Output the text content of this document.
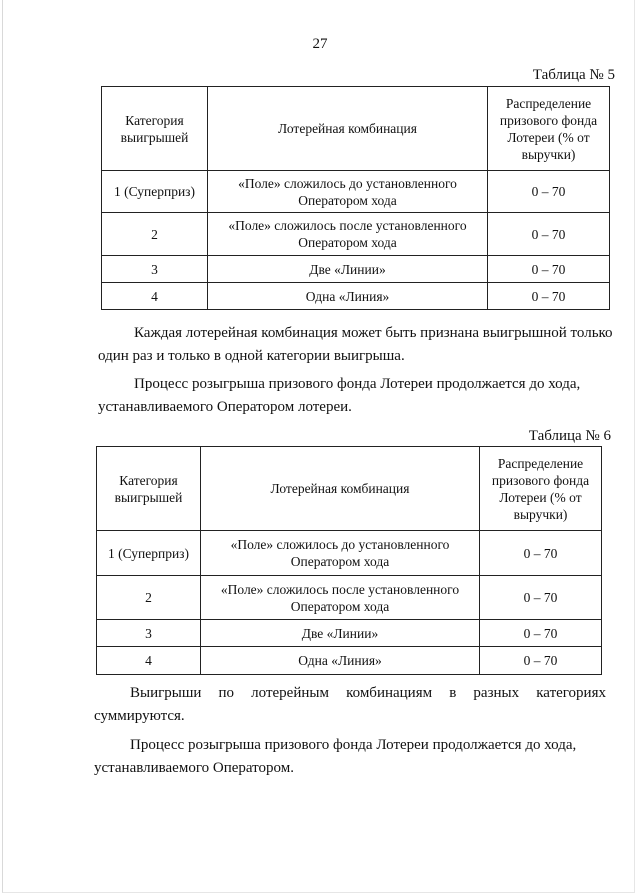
27
Таблица № 5
Категория выигрышей	Лотерейная комбинация	Распределение призового фонда Лотереи (% от выручки)
1 (Суперприз)	«Поле» сложилось до установленного Оператором хода	0 – 70
2	«Поле» сложилось после установленного Оператором хода	0 – 70
3	Две «Линии»	0 – 70
4	Одна «Линия»	0 – 70
Каждая лотерейная комбинация может быть признана выигрышной только
один раз и только в одной категории выигрыша.
Процесс розыгрыша призового фонда Лотереи продолжается до хода,
устанавливаемого Оператором лотереи.
Таблица № 6
Категория выигрышей	Лотерейная комбинация	Распределение призового фонда Лотереи (% от выручки)
1 (Суперприз)	«Поле» сложилось до установленного Оператором хода	0 – 70
2	«Поле» сложилось после установленного Оператором хода	0 – 70
3	Две «Линии»	0 – 70
4	Одна «Линия»	0 – 70
Выигрыши по лотерейным комбинациям в разных категориях
суммируются.
Процесс розыгрыша призового фонда Лотереи продолжается до хода,
устанавливаемого Оператором.
